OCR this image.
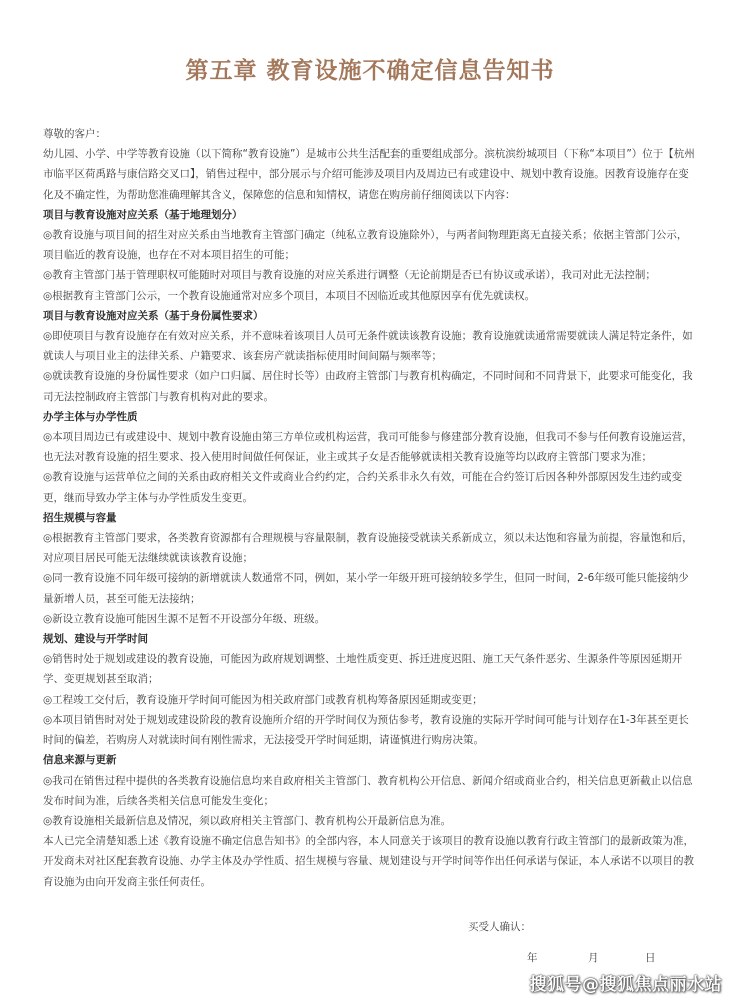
第五章 教育设施不确定信息告知书

尊敬的客户：

幼儿园、小学、中学等教育设施（以下简称“教育设施”）是城市公共生活配套的重要组成部分。滨杭滨纷城项目（下称“本项目”）位于【杭州市临平区荷禹路与康信路交叉口】，销售过程中，部分展示与介绍可能涉及项目内及周边已有或建设中、规划中教育设施。因教育设施存在变化及不确定性，为帮助您准确理解其含义，保障您的信息和知情权，请您在购房前仔细阅读以下内容：

项目与教育设施对应关系（基于地理划分）

◎教育设施与项目间的招生对应关系由当地教育主管部门确定（纯私立教育设施除外），与两者间物理距离无直接关系；依据主管部门公示，项目临近的教育设施，也存在不对本项目招生的可能；

◎教育主管部门基于管理职权可能随时对项目与教育设施的对应关系进行调整（无论前期是否已有协议或承诺），我司对此无法控制；

◎根据教育主管部门公示，一个教育设施通常对应多个项目，本项目不因临近或其他原因享有优先就读权。

项目与教育设施对应关系（基于身份属性要求）

◎即使项目与教育设施存在有效对应关系，并不意味着该项目人员可无条件就读该教育设施；教育设施就读通常需要就读人满足特定条件，如就读人与项目业主的法律关系、户籍要求、该套房产就读指标使用时间间隔与频率等；

◎就读教育设施的身份属性要求（如户口归属、居住时长等）由政府主管部门与教育机构确定，不同时间和不同背景下，此要求可能变化，我司无法控制政府主管部门与教育机构对此的要求。

办学主体与办学性质

◎本项目周边已有或建设中、规划中教育设施由第三方单位或机构运营，我司可能参与修建部分教育设施，但我司不参与任何教育设施运营，也无法对教育设施的招生要求、投入使用时间做任何保证，业主或其子女是否能够就读相关教育设施等均以政府主管部门要求为准；

◎教育设施与运营单位之间的关系由政府相关文件或商业合约约定，合约关系非永久有效，可能在合约签订后因各种外部原因发生违约或变更，继而导致办学主体与办学性质发生变更。

招生规模与容量

◎根据教育主管部门要求，各类教育资源都有合理规模与容量限制，教育设施接受就读关系新成立，须以未达饱和容量为前提，容量饱和后，对应项目居民可能无法继续就读该教育设施；

◎同一教育设施不同年级可接纳的新增就读人数通常不同，例如，某小学一年级开班可接纳较多学生，但同一时间，2-6年级可能只能接纳少量新增人员，甚至可能无法接纳；

◎新设立教育设施可能因生源不足暂不开设部分年级、班级。

规划、建设与开学时间

◎销售时处于规划或建设的教育设施，可能因为政府规划调整、土地性质变更、拆迁进度迟阻、施工天气条件恶劣、生源条件等原因延期开学、变更规划甚至取消；

◎工程竣工交付后，教育设施开学时间可能因为相关政府部门或教育机构筹备原因延期或变更；

◎本项目销售时对处于规划或建设阶段的教育设施所介绍的开学时间仅为预估参考，教育设施的实际开学时间可能与计划存在1-3年甚至更长时间的偏差，若购房人对就读时间有刚性需求，无法接受开学时间延期，请谨慎进行购房决策。

信息来源与更新

◎我司在销售过程中提供的各类教育设施信息均来自政府相关主管部门、教育机构公开信息、新闻介绍或商业合约，相关信息更新截止以信息发布时间为准，后续各类相关信息可能发生变化；

◎教育设施相关最新信息及情况，须以政府相关主管部门、教育机构公开最新信息为准。

本人已完全清楚知悉上述《教育设施不确定信息告知书》的全部内容，本人同意关于该项目的教育设施以教育行政主管部门的最新政策为准，开发商未对社区配套教育设施、办学主体及办学性质、招生规模与容量、规划建设与开学时间等作出任何承诺与保证，本人承诺不以项目的教育设施为由向开发商主张任何责任。

买受人确认：
年	月	日
搜狐号@搜狐焦点丽水站
